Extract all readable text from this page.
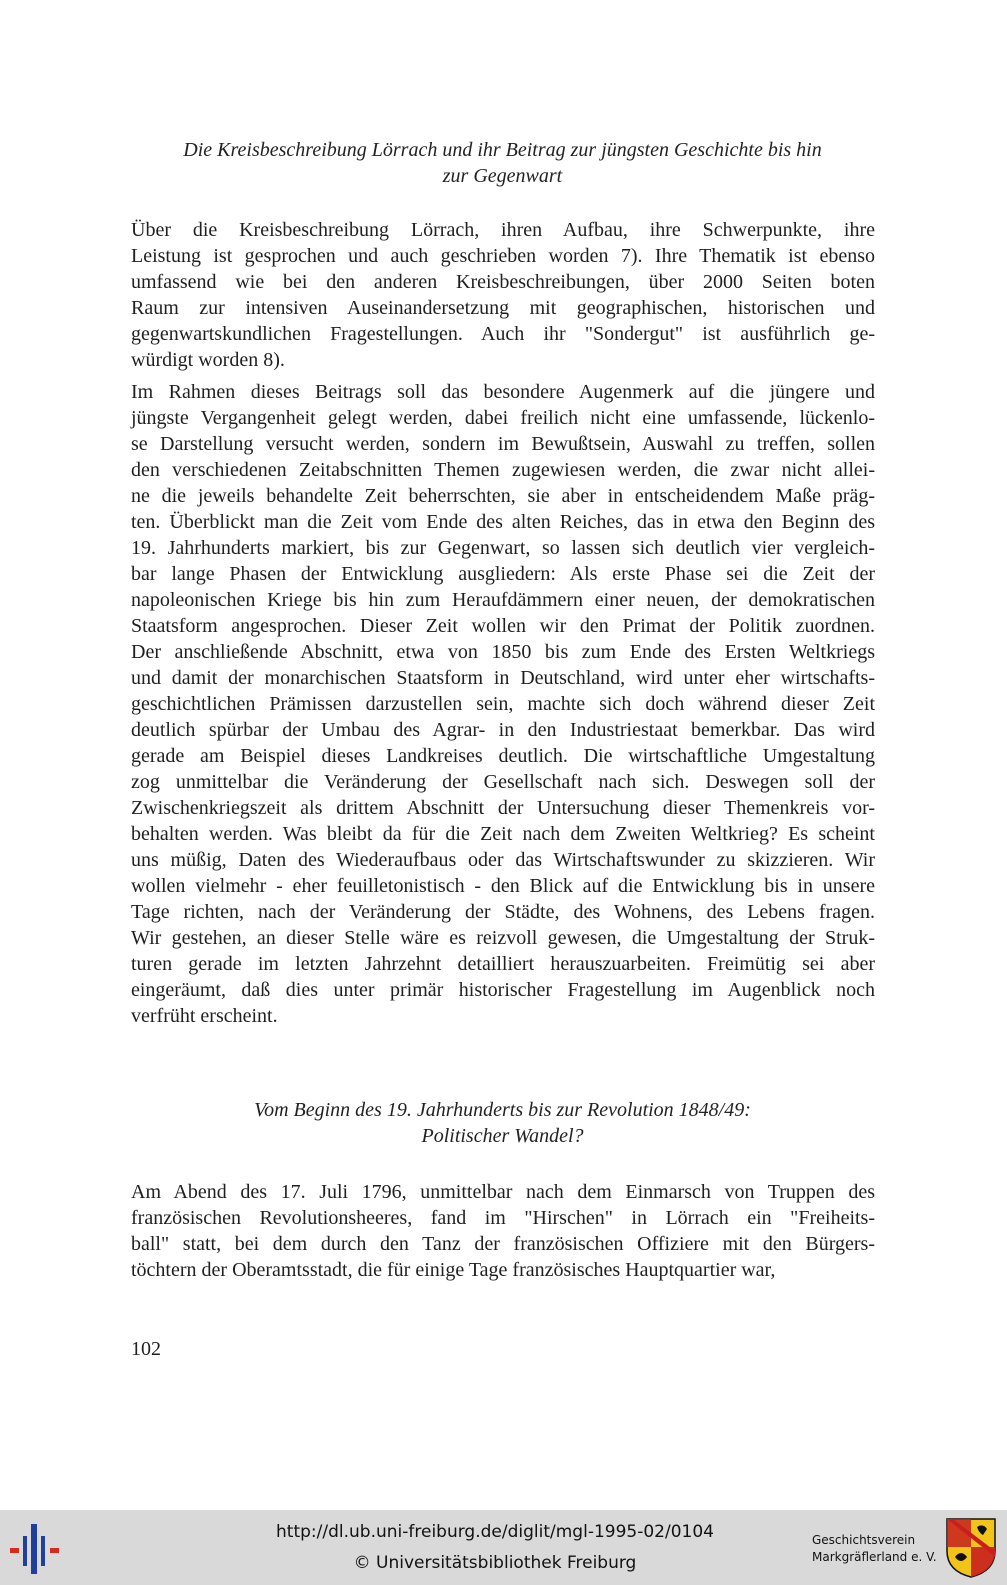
Die Kreisbeschreibung Lörrach und ihr Beitrag zur jüngsten Geschichte bis hin
zur Gegenwart
Über die Kreisbeschreibung Lörrach, ihren Aufbau, ihre Schwerpunkte, ihre
Leistung ist gesprochen und auch geschrieben worden 7). Ihre Thematik ist ebenso
umfassend wie bei den anderen Kreisbeschreibungen, über 2000 Seiten boten
Raum zur intensiven Auseinandersetzung mit geographischen, historischen und
gegenwartskundlichen Fragestellungen. Auch ihr "Sondergut" ist ausführlich ge-
würdigt worden 8).
Im Rahmen dieses Beitrags soll das besondere Augenmerk auf die jüngere und
jüngste Vergangenheit gelegt werden, dabei freilich nicht eine umfassende, lückenlo-
se Darstellung versucht werden, sondern im Bewußtsein, Auswahl zu treffen, sollen
den verschiedenen Zeitabschnitten Themen zugewiesen werden, die zwar nicht allei-
ne die jeweils behandelte Zeit beherrschten, sie aber in entscheidendem Maße präg-
ten. Überblickt man die Zeit vom Ende des alten Reiches, das in etwa den Beginn des
19. Jahrhunderts markiert, bis zur Gegenwart, so lassen sich deutlich vier vergleich-
bar lange Phasen der Entwicklung ausgliedern: Als erste Phase sei die Zeit der
napoleonischen Kriege bis hin zum Heraufdämmern einer neuen, der demokratischen
Staatsform angesprochen. Dieser Zeit wollen wir den Primat der Politik zuordnen.
Der anschließende Abschnitt, etwa von 1850 bis zum Ende des Ersten Weltkriegs
und damit der monarchischen Staatsform in Deutschland, wird unter eher wirtschafts-
geschichtlichen Prämissen darzustellen sein, machte sich doch während dieser Zeit
deutlich spürbar der Umbau des Agrar- in den Industriestaat bemerkbar. Das wird
gerade am Beispiel dieses Landkreises deutlich. Die wirtschaftliche Umgestaltung
zog unmittelbar die Veränderung der Gesellschaft nach sich. Deswegen soll der
Zwischenkriegszeit als drittem Abschnitt der Untersuchung dieser Themenkreis vor-
behalten werden. Was bleibt da für die Zeit nach dem Zweiten Weltkrieg? Es scheint
uns müßig, Daten des Wiederaufbaus oder das Wirtschaftswunder zu skizzieren. Wir
wollen vielmehr - eher feuilletonistisch - den Blick auf die Entwicklung bis in unsere
Tage richten, nach der Veränderung der Städte, des Wohnens, des Lebens fragen.
Wir gestehen, an dieser Stelle wäre es reizvoll gewesen, die Umgestaltung der Struk-
turen gerade im letzten Jahrzehnt detailliert herauszuarbeiten. Freimütig sei aber
eingeräumt, daß dies unter primär historischer Fragestellung im Augenblick noch
verfrüht erscheint.
Vom Beginn des 19. Jahrhunderts bis zur Revolution 1848/49:
Politischer Wandel?
Am Abend des 17. Juli 1796, unmittelbar nach dem Einmarsch von Truppen des
französischen Revolutionsheeres, fand im "Hirschen" in Lörrach ein "Freiheits-
ball" statt, bei dem durch den Tanz der französischen Offiziere mit den Bürgers-
töchtern der Oberamtsstadt, die für einige Tage französisches Hauptquartier war,
102
http://dl.ub.uni-freiburg.de/diglit/mgl-1995-02/0104
© Universitätsbibliothek Freiburg
Geschichtsverein
Markgräflerland e. V.
